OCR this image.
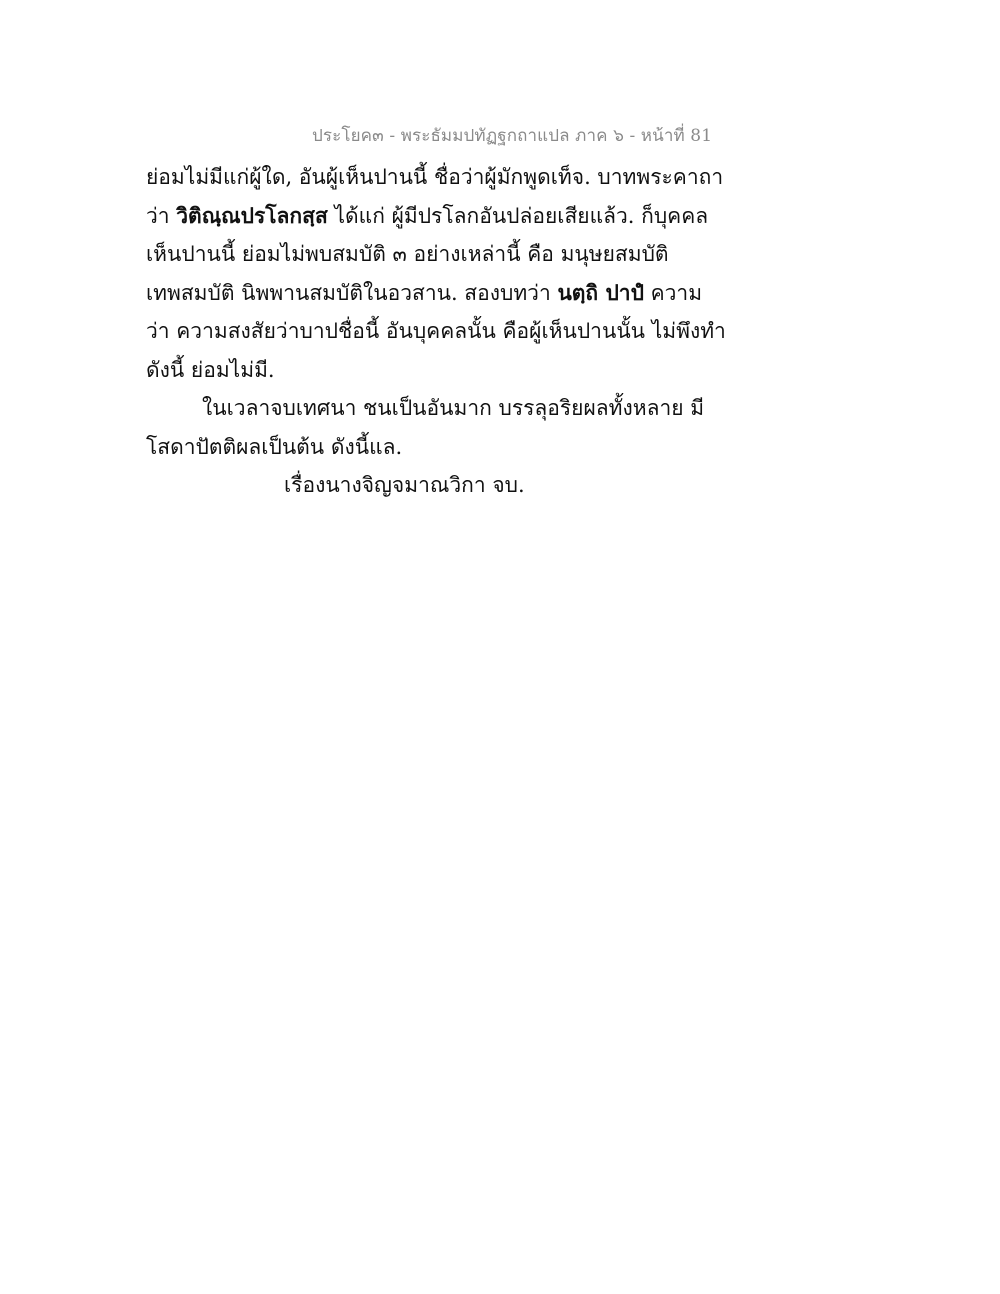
ประโยค๓ - พระธัมมปทัฏฐกถาแปล ภาค ๖ - หน้าที่ 81
ย่อมไม่มีแก่ผู้ใด, อันผู้เห็นปานนี้ ชื่อว่าผู้มักพูดเท็จ. บาทพระคาถา
ว่า วิติณฺณปรโลกสฺส ได้แก่ ผู้มีปรโลกอันปล่อยเสียแล้ว. ก็บุคคล
เห็นปานนี้ ย่อมไม่พบสมบัติ ๓ อย่างเหล่านี้ คือ มนุษยสมบัติ
เทพสมบัติ นิพพานสมบัติในอวสาน. สองบทว่า นตฺถิ ปาปํ ความ
ว่า ความสงสัยว่าบาปชื่อนี้ อันบุคคลนั้น คือผู้เห็นปานนั้น ไม่พึงทำ
ดังนี้ ย่อมไม่มี.
ในเวลาจบเทศนา ชนเป็นอันมาก บรรลุอริยผลทั้งหลาย มี
โสดาปัตติผลเป็นต้น ดังนี้แล.
เรื่องนางจิญจมาณวิกา จบ.
